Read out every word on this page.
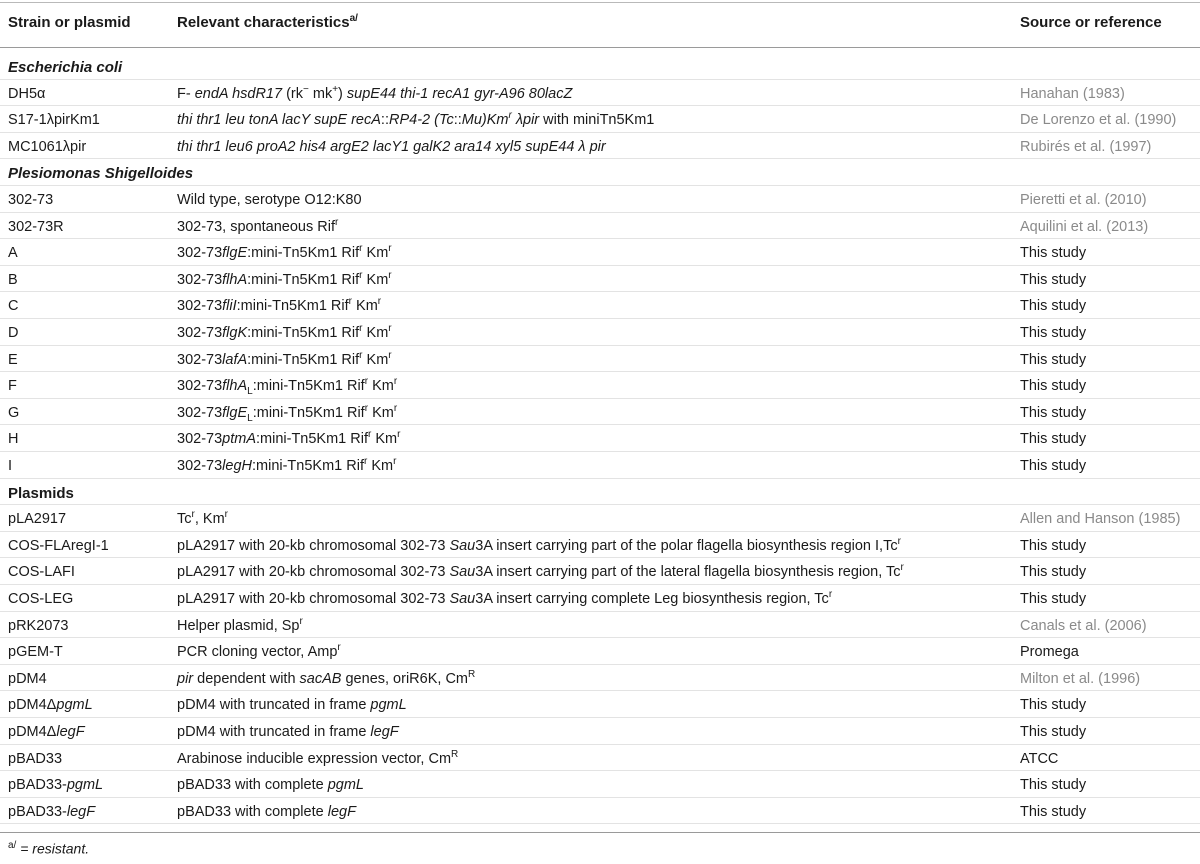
Strain or plasmid	Relevant characteristics$^{a/}$	Source or reference
Escherichia coli
DH5α	F- endA hsdR17 (rk− mk+) supE44 thi-1 recA1 gyr-A96 80lacZ	Hanahan (1983)
S17-1λpirKm1	thi thr1 leu tonA lacY supE recA::RP4-2 (Tc::Mu)Km$^r$ λpir with miniTn5Km1	De Lorenzo et al. (1990)
MC1061λpir	thi thr1 leu6 proA2 his4 argE2 lacY1 galK2 ara14 xyl5 supE44 λ pir	Rubirés et al. (1997)
Plesiomonas Shigelloides
302-73	Wild type, serotype O12:K80	Pieretti et al. (2010)
302-73R	302-73, spontaneous Rif$^r$	Aquilini et al. (2013)
A	302-73flgE:mini-Tn5Km1 Rif$^r$ Km$^r$	This study
B	302-73flhA:mini-Tn5Km1 Rif$^r$ Km$^r$	This study
C	302-73fliI:mini-Tn5Km1 Rif$^r$ Km$^r$	This study
D	302-73flgK:mini-Tn5Km1 Rif$^r$ Km$^r$	This study
E	302-73lafA:mini-Tn5Km1 Rif$^r$ Km$^r$	This study
F	302-73flhA$_L$:mini-Tn5Km1 Rif$^r$ Km$^r$	This study
G	302-73flgE$_L$:mini-Tn5Km1 Rif$^r$ Km$^r$	This study
H	302-73ptmA:mini-Tn5Km1 Rif$^r$ Km$^r$	This study
I	302-73legH:mini-Tn5Km1 Rif$^r$ Km$^r$	This study
Plasmids
pLA2917	Tc$^r$, Km$^r$	Allen and Hanson (1985)
COS-FLAregI-1	pLA2917 with 20-kb chromosomal 302-73 Sau3A insert carrying part of the polar flagella biosynthesis region I,Tc$^r$	This study
COS-LAFI	pLA2917 with 20-kb chromosomal 302-73 Sau3A insert carrying part of the lateral flagella biosynthesis region, Tc$^r$	This study
COS-LEG	pLA2917 with 20-kb chromosomal 302-73 Sau3A insert carrying complete Leg biosynthesis region, Tc$^r$	This study
pRK2073	Helper plasmid, Sp$^r$	Canals et al. (2006)
pGEM-T	PCR cloning vector, Amp$^r$	Promega
pDM4	pir dependent with sacAB genes, oriR6K, $Cm^R$	Milton et al. (1996)
pDM4ΔpgmL	pDM4 with truncated in frame pgmL	This study
pDM4ΔlegF	pDM4 with truncated in frame legF	This study
pBAD33	Arabinose inducible expression vector, $Cm^R$	ATCC
pBAD33-pgmL	pBAD33 with complete pgmL	This study
pBAD33-legF	pBAD33 with complete legF	This study
$^{a/}$ = resistant.
